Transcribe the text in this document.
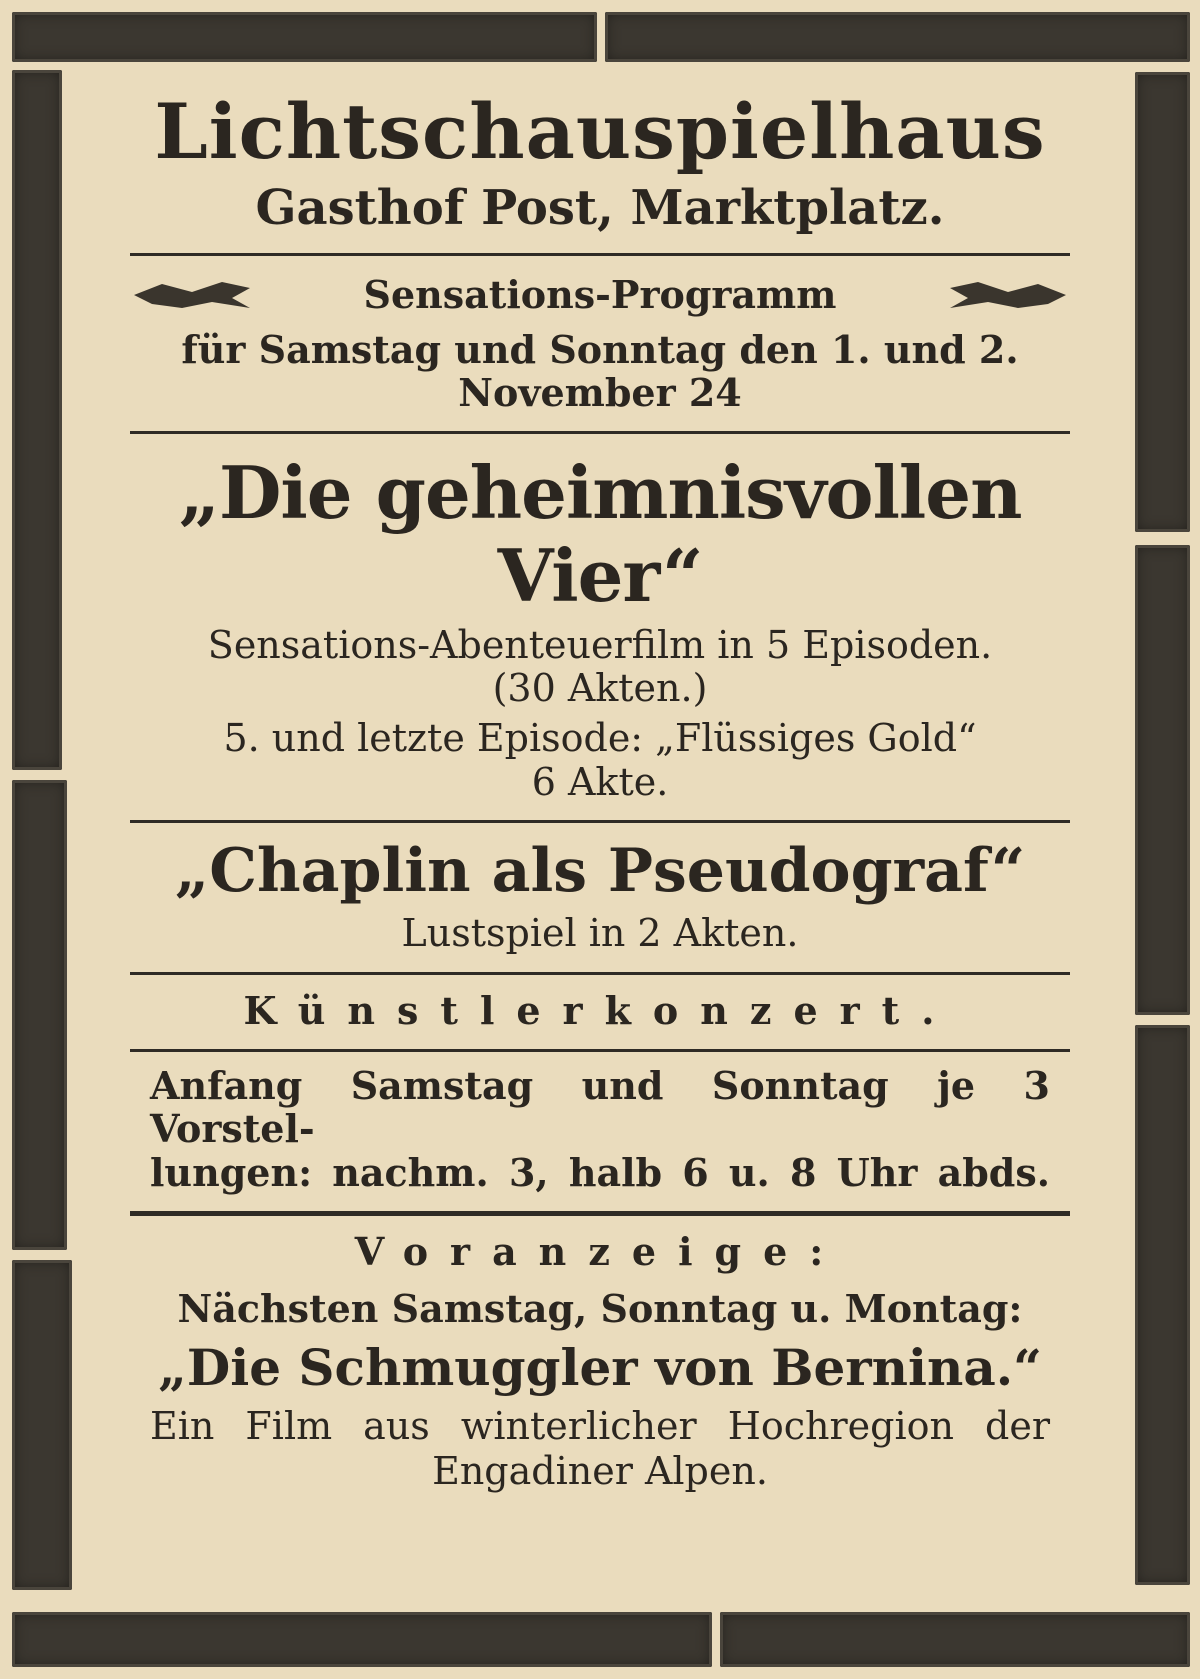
Lichtschauspielhaus

Gasthof Post, Marktplatz.

Sensations-Programm

für Samstag und Sonntag den 1. und 2.

November 24

„Die geheimnisvollen Vier“

Sensations-Abenteuerfilm in 5 Episoden.

(30 Akten.)

5. und letzte Episode: „Flüssiges Gold“

6 Akte.

„Chaplin als Pseudograf“

Lustspiel in 2 Akten.

Künstlerkonzert.

Anfang Samstag und Sonntag je 3 Vorstel-

lungen: nachm. 3, halb 6 u. 8 Uhr abds.

Voranzeige:

Nächsten Samstag, Sonntag u. Montag:

„Die Schmuggler von Bernina.“

Ein Film aus winterlicher Hochregion der

Engadiner Alpen.
